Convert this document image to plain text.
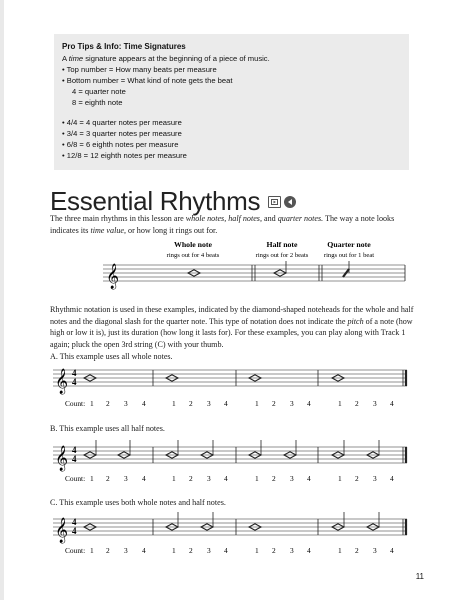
Pro Tips & Info: Time Signatures
A time signature appears at the beginning of a piece of music.
• Top number = How many beats per measure
• Bottom number = What kind of note gets the beat
4 = quarter note
8 = eighth note
• 4/4 = 4 quarter notes per measure
• 3/4 = 3 quarter notes per measure
• 6/8 = 6 eighth notes per measure
• 12/8 = 12 eighth notes per measure
Essential Rhythms
The three main rhythms in this lesson are whole notes, half notes, and quarter notes. The way a note looks indicates its time value, or how long it rings out for.
Whole note
rings out for 4 beats
Half note
rings out for 2 beats
Quarter note
rings out for 1 beat
𝄞
Rhythmic notation is used in these examples, indicated by the diamond-shaped noteheads for the whole and half notes and the diagonal slash for the quarter note. This type of notation does not indicate the pitch of a note (how high or low it is), just its duration (how long it lasts for). For these examples, you can play along with Track 1 again; pluck the open 3rd string (C) with your thumb.
A. This example uses all whole notes.
𝄞 4
4
Count: 1 2 3 4	1 2 3 4	1 2 3 4	1 2 3 4
B. This example uses all half notes.
𝄞 4
4
Count: 1 2 3 4	1 2 3 4	1 2 3 4	1 2 3 4
C. This example uses both whole notes and half notes.
𝄞 4
4
Count: 1 2 3 4	1 2 3 4	1 2 3 4	1 2 3 4
11
